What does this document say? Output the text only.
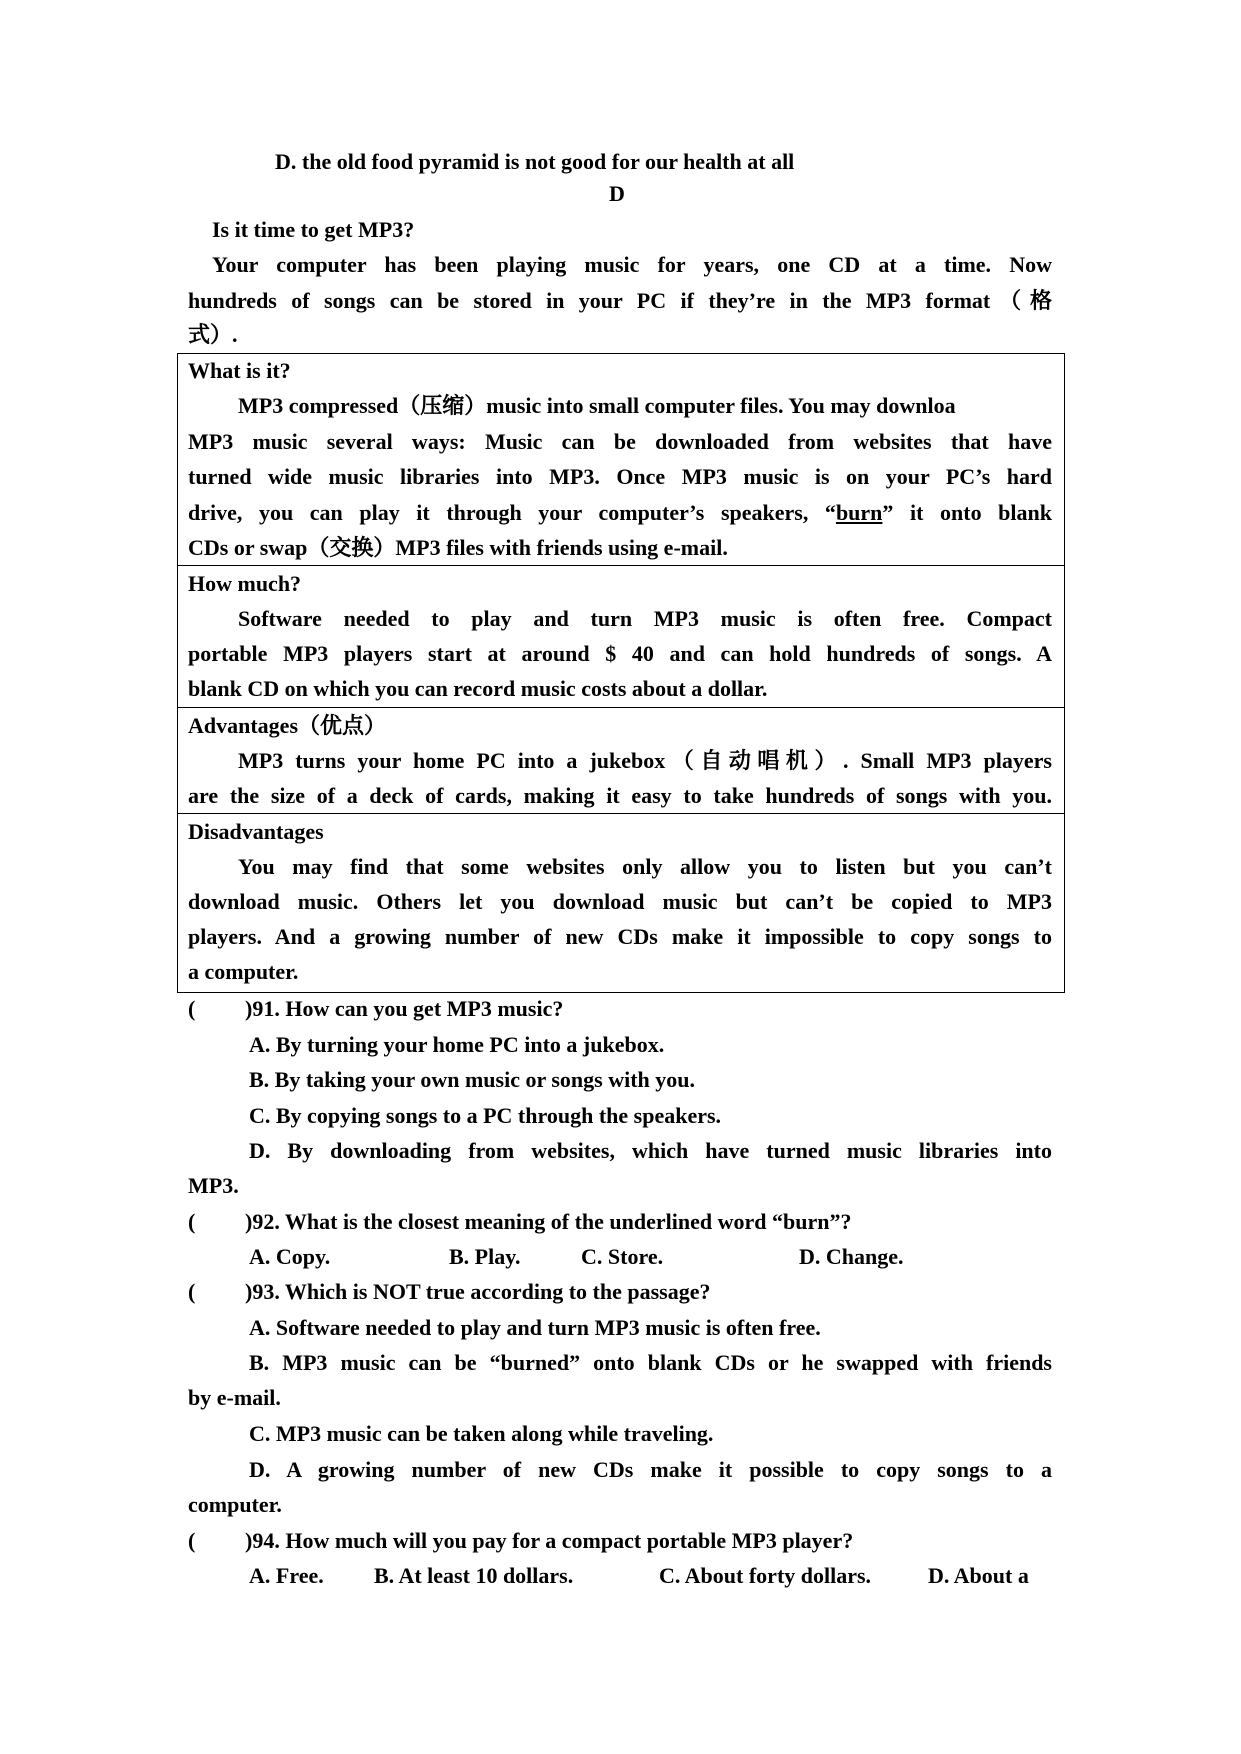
D. the old food pyramid is not good for our health at all
D
Is it time to get MP3?
Your computer has been playing music for years, one CD at a time. Now
hundreds of songs can be stored in your PC if they’re in the MP3 format（格
式）.
What is it?
MP3 compressed（压缩）music into small computer files. You may downloa
MP3 music several ways: Music can be downloaded from websites that have
turned wide music libraries into MP3. Once MP3 music is on your PC’s hard
drive, you can play it through your computer’s speakers, “burn” it onto blank
CDs or swap（交换）MP3 files with friends using e-mail.
How much?
Software needed to play and turn MP3 music is often free. Compact
portable MP3 players start at around $ 40 and can hold hundreds of songs. A
blank CD on which you can record music costs about a dollar.
Advantages（优点）
MP3 turns your home PC into a jukebox（自动唱机）. Small MP3 players
are the size of a deck of cards, making it easy to take hundreds of songs with you.
Disadvantages
You may find that some websites only allow you to listen but you can’t
download music. Others let you download music but can’t be copied to MP3
players. And a growing number of new CDs make it impossible to copy songs to
a computer.
( )91. How can you get MP3 music?
A. By turning your home PC into a jukebox.
B. By taking your own music or songs with you.
C. By copying songs to a PC through the speakers.
D. By downloading from websites, which have turned music libraries into
MP3.
( )92. What is the closest meaning of the underlined word “burn”?
A. Copy.	B. Play.	C. Store.	D. Change.
( )93. Which is NOT true according to the passage?
A. Software needed to play and turn MP3 music is often free.
B. MP3 music can be “burned” onto blank CDs or he swapped with friends
by e-mail.
C. MP3 music can be taken along while traveling.
D. A growing number of new CDs make it possible to copy songs to a
computer.
( )94. How much will you pay for a compact portable MP3 player?
A. Free. B. At least 10 dollars.	C. About forty dollars.	D. About a
